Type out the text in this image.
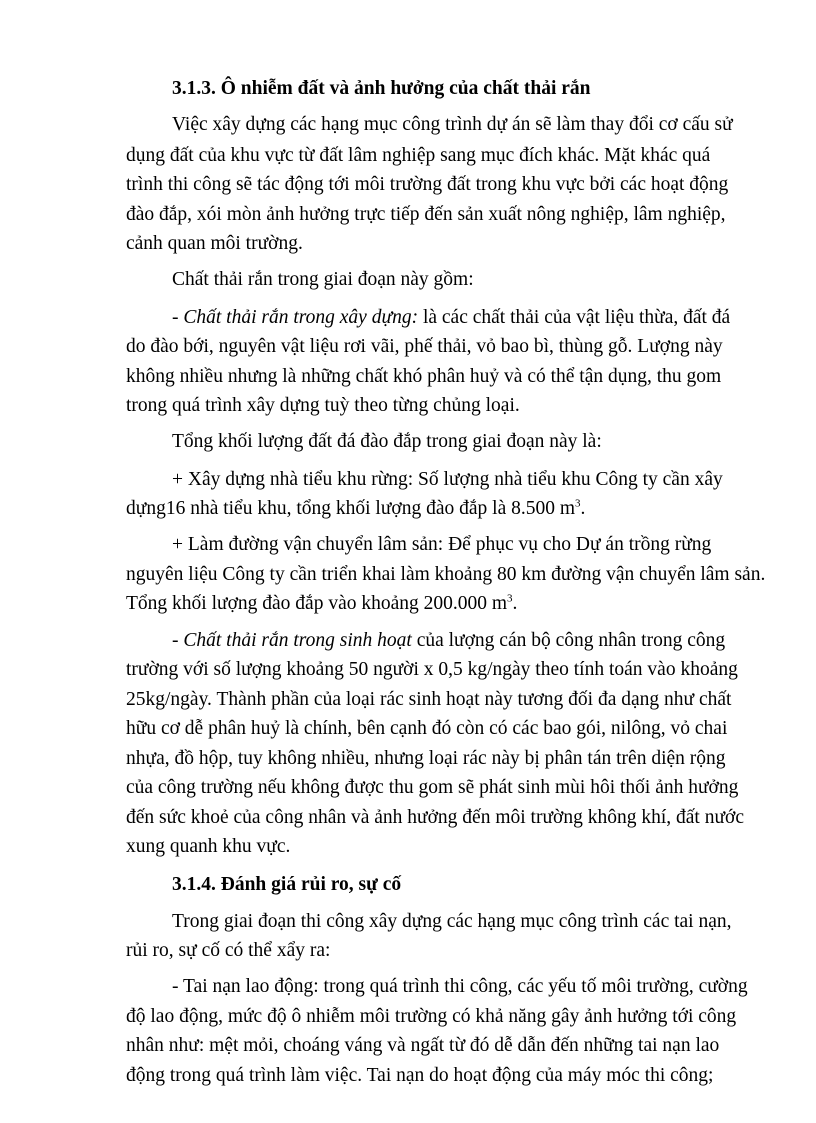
3.1.3. Ô nhiễm đất và ảnh hưởng của chất thải rắn
Việc xây dựng các hạng mục công trình dự án sẽ làm thay đổi cơ cấu sử
dụng đất của khu vực từ đất lâm nghiệp sang mục đích khác. Mặt khác quá
trình thi công sẽ tác động tới môi trường đất trong khu vực bởi các hoạt động
đào đắp, xói mòn ảnh hưởng trực tiếp đến sản xuất nông nghiệp, lâm nghiệp,
cảnh quan môi trường.
Chất thải rắn trong giai đoạn này gồm:
- Chất thải rắn trong xây dựng: là các chất thải của vật liệu thừa, đất đá
do đào bới, nguyên vật liệu rơi vãi, phế thải, vỏ bao bì, thùng gỗ. Lượng này
không nhiều nhưng là những chất khó phân huỷ và có thể tận dụng, thu gom
trong quá trình xây dựng tuỳ theo từng chủng loại.
Tổng khối lượng đất đá đào đắp trong giai đoạn này là:
+ Xây dựng nhà tiểu khu rừng: Số lượng nhà tiểu khu Công ty cần xây
dựng16 nhà tiểu khu, tổng khối lượng đào đắp là 8.500 $m^3$.
+ Làm đường vận chuyển lâm sản: Để phục vụ cho Dự án trồng rừng
nguyên liệu Công ty cần triển khai làm khoảng 80 km đường vận chuyển lâm sản.
Tổng khối lượng đào đắp vào khoảng 200.000 $m^3$.
- Chất thải rắn trong sinh hoạt của lượng cán bộ công nhân trong công
trường với số lượng khoảng 50 người x 0,5 kg/ngày theo tính toán vào khoảng
25kg/ngày. Thành phần của loại rác sinh hoạt này tương đối đa dạng như chất
hữu cơ dễ phân huỷ là chính, bên cạnh đó còn có các bao gói, nilông, vỏ chai
nhựa, đồ hộp, tuy không nhiều, nhưng loại rác này bị phân tán trên diện rộng
của công trường nếu không được thu gom sẽ phát sinh mùi hôi thối ảnh hưởng
đến sức khoẻ của công nhân và ảnh hưởng đến môi trường không khí, đất nước
xung quanh khu vực.
3.1.4. Đánh giá rủi ro, sự cố
Trong giai đoạn thi công xây dựng các hạng mục công trình các tai nạn,
rủi ro, sự cố có thể xẩy ra:
- Tai nạn lao động: trong quá trình thi công, các yếu tố môi trường, cường
độ lao động, mức độ ô nhiễm môi trường có khả năng gây ảnh hưởng tới công
nhân như: mệt mỏi, choáng váng và ngất từ đó dễ dẫn đến những tai nạn lao
động trong quá trình làm việc. Tai nạn do hoạt động của máy móc thi công;
